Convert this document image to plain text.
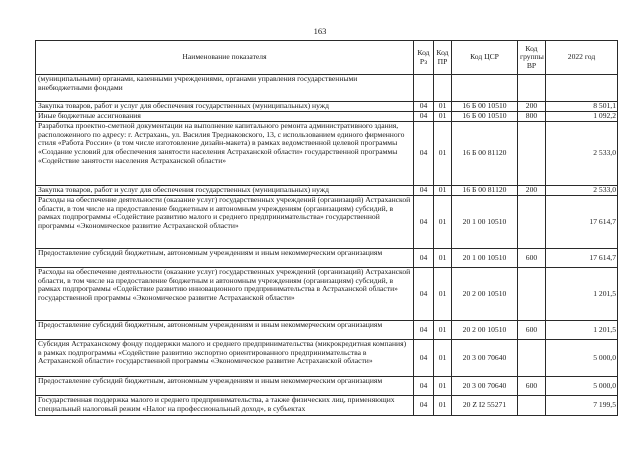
163
Наименование показателя	Код Рз	Код ПР	Код ЦСР	Код группы ВР	2022 год
(муниципальными) органами, казенными учреждениями, органами управления государственными внебюджетными фондами					
Закупка товаров, работ и услуг для обеспечения государственных (муниципальных) нужд	04	01	16 Б 00 10510	200	8 501,1
Иные бюджетные ассигнования	04	01	16 Б 00 10510	800	1 092,2
Разработка проектно-сметной документации на выполнение капитального ремонта административного здания, расположенного по адресу: г. Астрахань, ул. Василия Тредиаковского, 13, с использованием единого фирменного стиля «Работа России» (в том числе изготовление дизайн-макета) в рамках ведомственной целевой программы «Создание условий для обеспечения занятости населения Астраханской области» государственной программы «Содействие занятости населения Астраханской области»	04	01	16 Б 00 81120		2 533,0
Закупка товаров, работ и услуг для обеспечения государственных (муниципальных) нужд	04	01	16 Б 00 81120	200	2 533,0
Расходы на обеспечение деятельности (оказание услуг) государственных учреждений (организаций) Астраханской области, в том числе на предоставление бюджетным и автономным учреждениям (организациям) субсидий, в рамках подпрограммы «Содействие развитию малого и среднего предпринимательства» государственной программы «Экономическое развитие Астраханской области»	04	01	20 1 00 10510		17 614,7
Предоставление субсидий бюджетным, автономным учреждениям и иным некоммерческим организациям	04	01	20 1 00 10510	600	17 614,7
Расходы на обеспечение деятельности (оказание услуг) государственных учреждений (организаций) Астраханской области, в том числе на предоставление бюджетным и автономным учреждениям (организациям) субсидий, в рамках подпрограммы «Содействие развитию инновационного предпринимательства в Астраханской области» государственной программы «Экономическое развитие Астраханской области»	04	01	20 2 00 10510		1 201,5
Предоставление субсидий бюджетным, автономным учреждениям и иным некоммерческим организациям	04	01	20 2 00 10510	600	1 201,5
Субсидия Астраханскому фонду поддержки малого и среднего предпринимательства (микрокредитная компания) в рамках подпрограммы «Содействие развитию экспортно ориентированного предпринимательства в Астраханской области» государственной программы «Экономическое развитие Астраханской области»	04	01	20 3 00 70640		5 000,0
Предоставление субсидий бюджетным, автономным учреждениям и иным некоммерческим организациям	04	01	20 3 00 70640	600	5 000,0
Государственная поддержка малого и среднего предпринимательства, а также физических лиц, применяющих специальный налоговый режим «Налог на профессиональный доход», в субъектах	04	01	20 Z I2 55271		7 199,5
